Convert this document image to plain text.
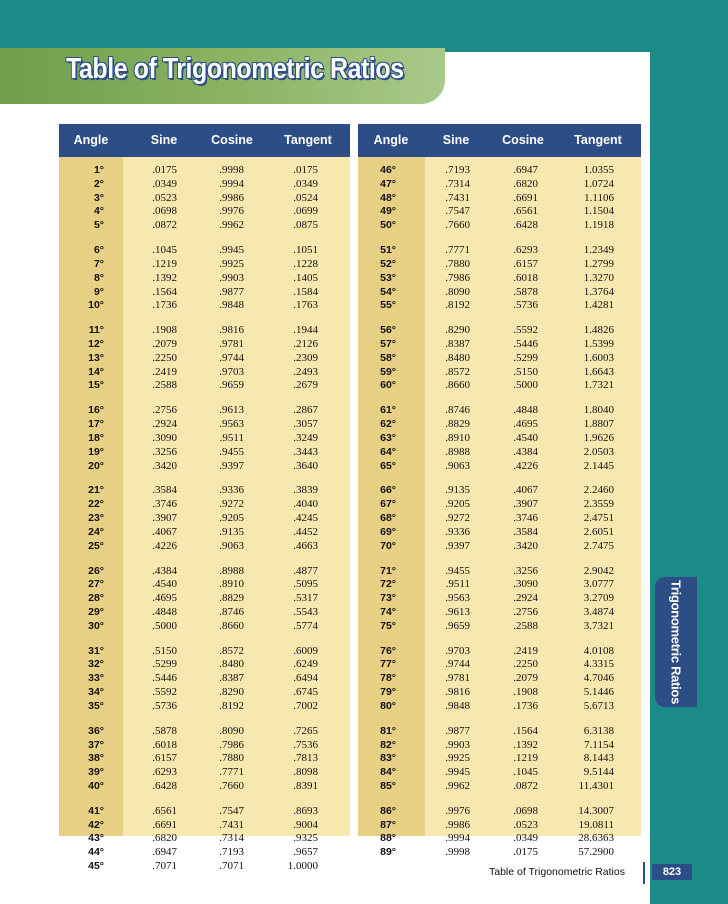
Table of Trigonometric Ratios
Angle	Sine	Cosine	Tangent	Angle	Sine	Cosine	Tangent
1°	.0175	.9998	.0175
2°	.0349	.9994	.0349
3°	.0523	.9986	.0524
4°	.0698	.9976	.0699
5°	.0872	.9962	.0875
6°	.1045	.9945	.1051
7°	.1219	.9925	.1228
8°	.1392	.9903	.1405
9°	.1564	.9877	.1584
10°	.1736	.9848	.1763
11°	.1908	.9816	.1944
12°	.2079	.9781	.2126
13°	.2250	.9744	.2309
14°	.2419	.9703	.2493
15°	.2588	.9659	.2679
16°	.2756	.9613	.2867
17°	.2924	.9563	.3057
18°	.3090	.9511	.3249
19°	.3256	.9455	.3443
20°	.3420	.9397	.3640
21°	.3584	.9336	.3839
22°	.3746	.9272	.4040
23°	.3907	.9205	.4245
24°	.4067	.9135	.4452
25°	.4226	.9063	.4663
26°	.4384	.8988	.4877
27°	.4540	.8910	.5095
28°	.4695	.8829	.5317
29°	.4848	.8746	.5543
30°	.5000	.8660	.5774
31°	.5150	.8572	.6009
32°	.5299	.8480	.6249
33°	.5446	.8387	.6494
34°	.5592	.8290	.6745
35°	.5736	.8192	.7002
36°	.5878	.8090	.7265
37°	.6018	.7986	.7536
38°	.6157	.7880	.7813
39°	.6293	.7771	.8098
40°	.6428	.7660	.8391
41°	.6561	.7547	.8693
42°	.6691	.7431	.9004
43°	.6820	.7314	.9325
44°	.6947	.7193	.9657
45°	.7071	.7071	1.0000
46°	.7193	.6947	1.0355
47°	.7314	.6820	1.0724
48°	.7431	.6691	1.1106
49°	.7547	.6561	1.1504
50°	.7660	.6428	1.1918
51°	.7771	.6293	1.2349
52°	.7880	.6157	1.2799
53°	.7986	.6018	1.3270
54°	.8090	.5878	1.3764
55°	.8192	.5736	1.4281
56°	.8290	.5592	1.4826
57°	.8387	.5446	1.5399
58°	.8480	.5299	1.6003
59°	.8572	.5150	1.6643
60°	.8660	.5000	1.7321
61°	.8746	.4848	1.8040
62°	.8829	.4695	1.8807
63°	.8910	.4540	1.9626
64°	.8988	.4384	2.0503
65°	.9063	.4226	2.1445
66°	.9135	.4067	2.2460
67°	.9205	.3907	2.3559
68°	.9272	.3746	2.4751
69°	.9336	.3584	2.6051
70°	.9397	.3420	2.7475
71°	.9455	.3256	2.9042
72°	.9511	.3090	3.0777
73°	.9563	.2924	3.2709
74°	.9613	.2756	3.4874
75°	.9659	.2588	3.7321
76°	.9703	.2419	4.0108
77°	.9744	.2250	4.3315
78°	.9781	.2079	4.7046
79°	.9816	.1908	5.1446
80°	.9848	.1736	5.6713
81°	.9877	.1564	6.3138
82°	.9903	.1392	7.1154
83°	.9925	.1219	8.1443
84°	.9945	.1045	9.5144
85°	.9962	.0872	11.4301
86°	.9976	.0698	14.3007
87°	.9986	.0523	19.0811
88°	.9994	.0349	28.6363
89°	.9998	.0175	57.2900
Table of Trigonometric Ratios	823
Trigonometric Ratios
